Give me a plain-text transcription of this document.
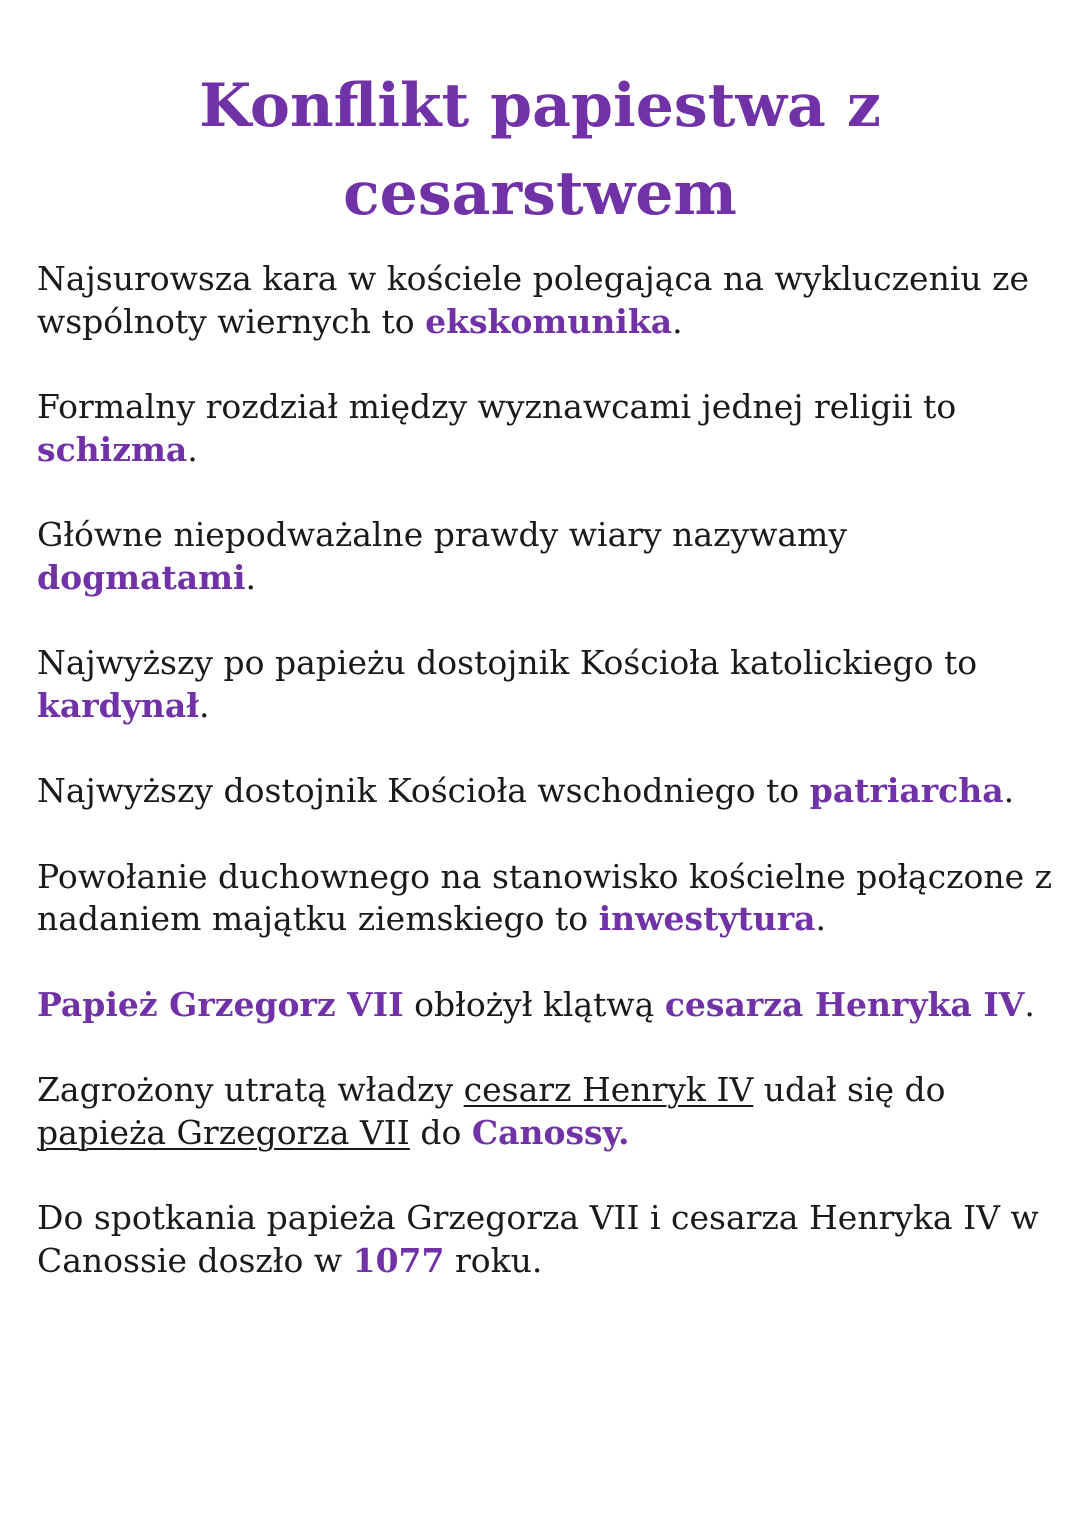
Konflikt papiestwa z
cesarstwem

Najsurowsza kara w kościele polegająca na wykluczeniu ze wspólnoty wiernych to ekskomunika.

Formalny rozdział między wyznawcami jednej religii to schizma.

Główne niepodważalne prawdy wiary nazywamy dogmatami.

Najwyższy po papieżu dostojnik Kościoła katolickiego to kardynał.

Najwyższy dostojnik Kościoła wschodniego to patriarcha.

Powołanie duchownego na stanowisko kościelne połączone z nadaniem majątku ziemskiego to inwestytura.

Papież Grzegorz VII obłożył klątwą cesarza Henryka IV.

Zagrożony utratą władzy cesarz Henryk IV udał się do papieża Grzegorza VII do Canossy.

Do spotkania papieża Grzegorza VII i cesarza Henryka IV w Canossie doszło w 1077 roku.
